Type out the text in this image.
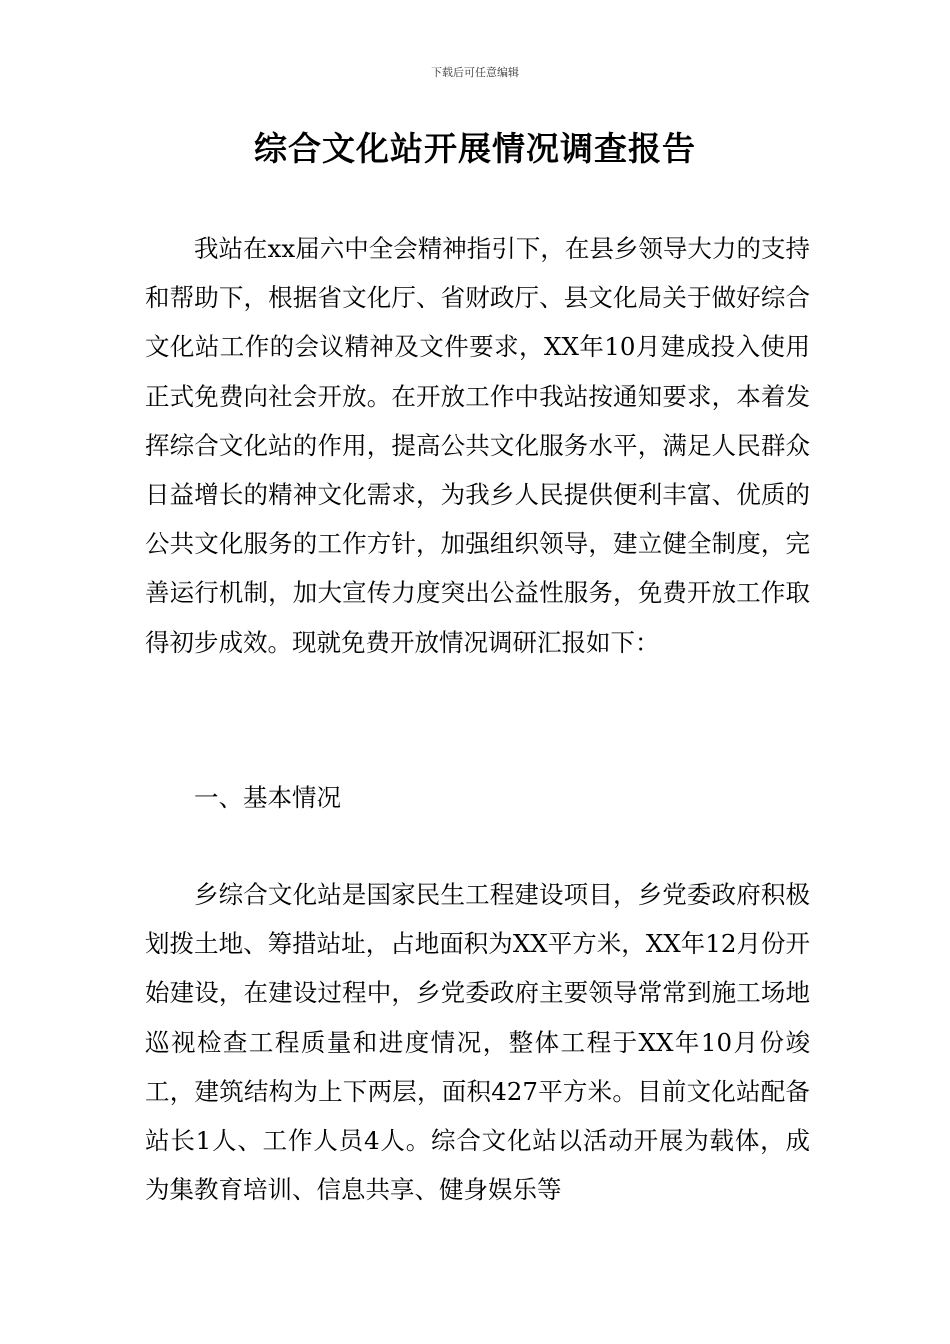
下载后可任意编辑
综合文化站开展情况调查报告

我站在xx届六中全会精神指引下，在县乡领导大力的支持和帮助下，根据省文化厅、省财政厅、县文化局关于做好综合文化站工作的会议精神及文件要求，XX年10月建成投入使用正式免费向社会开放。在开放工作中我站按通知要求，本着发挥综合文化站的作用，提高公共文化服务水平，满足人民群众日益增长的精神文化需求，为我乡人民提供便利丰富、优质的公共文化服务的工作方针，加强组织领导，建立健全制度，完善运行机制，加大宣传力度突出公益性服务，免费开放工作取得初步成效。现就免费开放情况调研汇报如下：

一、基本情况

乡综合文化站是国家民生工程建设项目，乡党委政府积极划拨土地、筹措站址，占地面积为XX平方米，XX年12月份开始建设，在建设过程中，乡党委政府主要领导常常到施工场地巡视检查工程质量和进度情况，整体工程于XX年10月份竣工，建筑结构为上下两层，面积427平方米。目前文化站配备站长1人、工作人员4人。综合文化站以活动开展为载体，成为集教育培训、信息共享、健身娱乐等
